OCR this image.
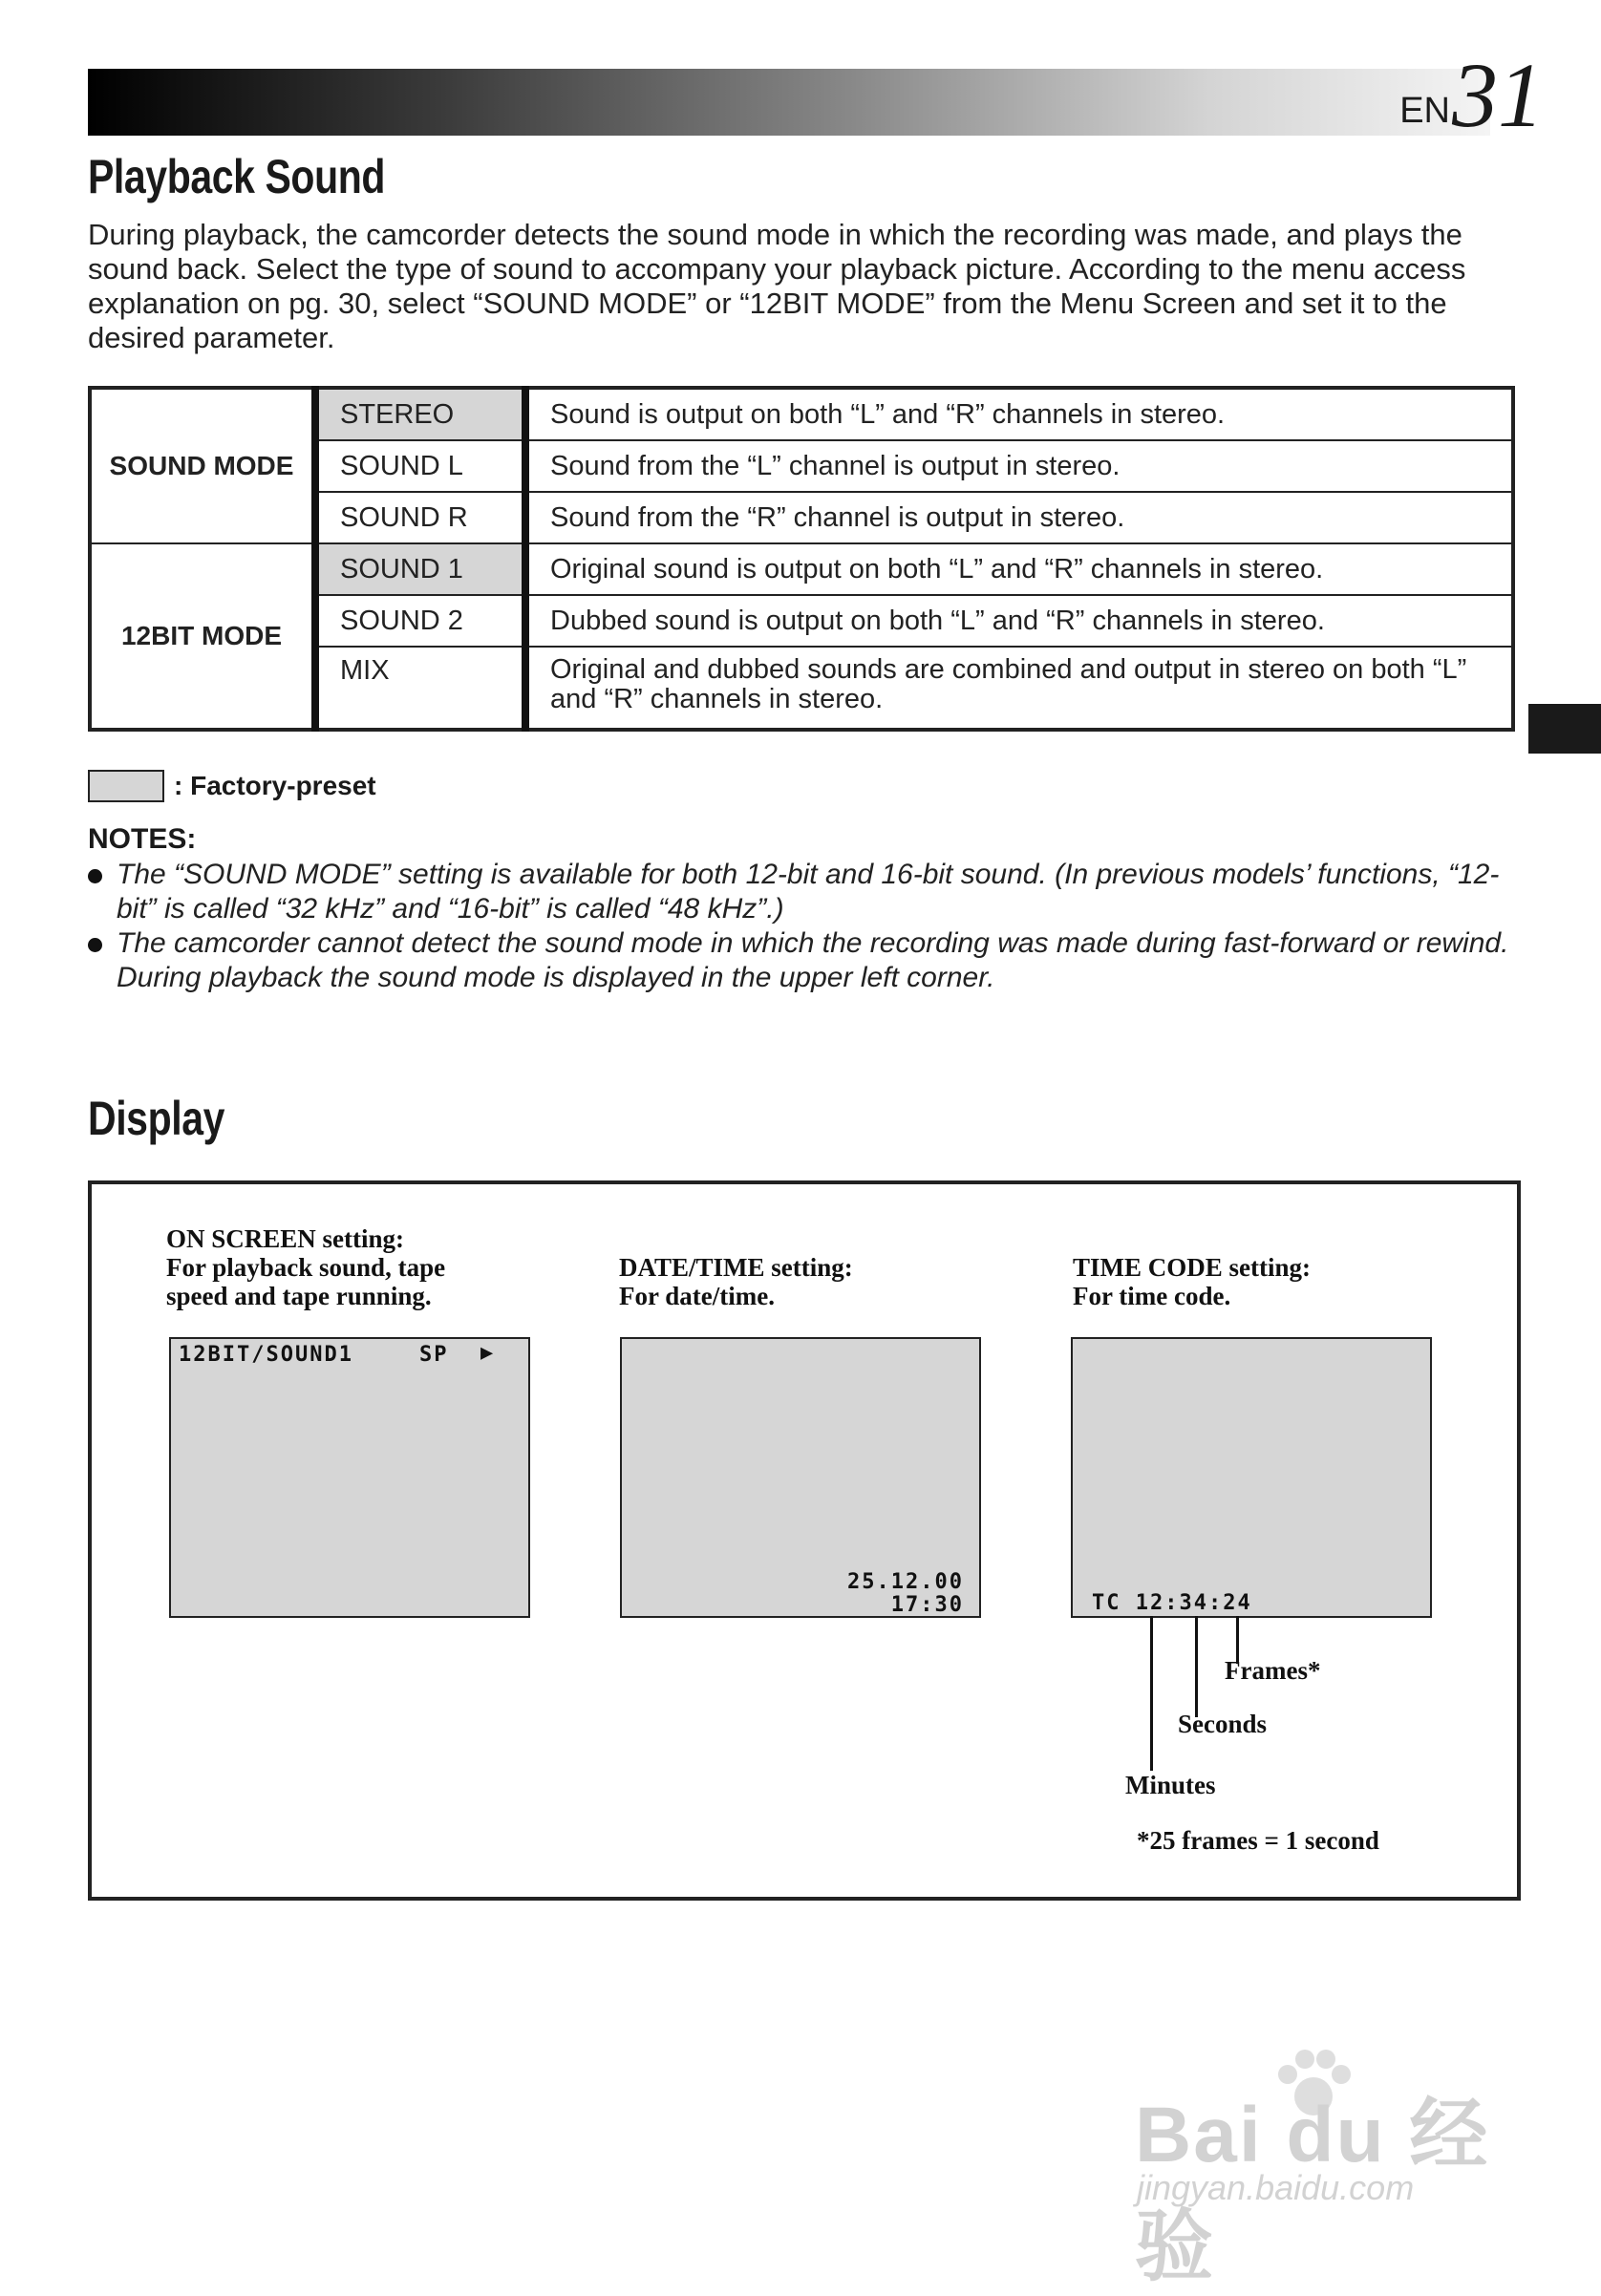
EN 31
Playback Sound
During playback, the camcorder detects the sound mode in which the recording was made, and plays the sound back. Select the type of sound to accompany your playback picture. According to the menu access explanation on pg. 30, select “SOUND MODE” or “12BIT MODE” from the Menu Screen and set it to the desired parameter.
SOUND MODE	STEREO	Sound is output on both “L” and “R” channels in stereo.
	SOUND L	Sound from the “L” channel is output in stereo.
	SOUND R	Sound from the “R” channel is output in stereo.
12BIT MODE	SOUND 1	Original sound is output on both “L” and “R” channels in stereo.
	SOUND 2	Dubbed sound is output on both “L” and “R” channels in stereo.
	MIX	Original and dubbed sounds are combined and output in stereo on both “L” and “R” channels in stereo.
: Factory-preset
NOTES:
The “SOUND MODE” setting is available for both 12-bit and 16-bit sound. (In previous models’ functions, “12-bit” is called “32 kHz” and “16-bit” is called “48 kHz”.)
The camcorder cannot detect the sound mode in which the recording was made during fast-forward or rewind. During playback the sound mode is displayed in the upper left corner.
Display
ON SCREEN setting:
For playback sound, tape
speed and tape running.
12BIT/SOUND1	SP ▶
DATE/TIME setting:
For date/time.
25.12.00
17:30
TIME CODE setting:
For time code.
TC 12:34:24
Frames*
Seconds
Minutes
*25 frames = 1 second
Bai du 经验
jingyan.baidu.com
